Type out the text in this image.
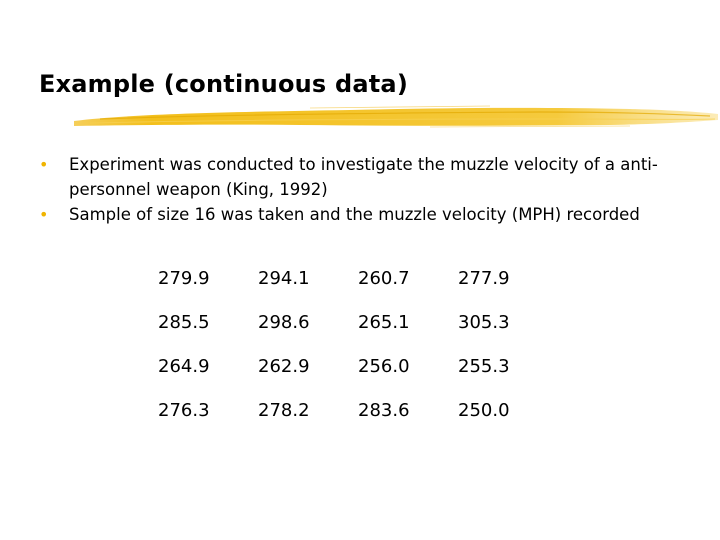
Example (continuous data)
•	Experiment was conducted to investigate the muzzle velocity of a anti-personnel weapon (King, 1992)
•	Sample of size 16 was taken and the muzzle velocity (MPH) recorded
279.9	294.1	260.7	277.9
285.5	298.6	265.1	305.3
264.9	262.9	256.0	255.3
276.3	278.2	283.6	250.0
